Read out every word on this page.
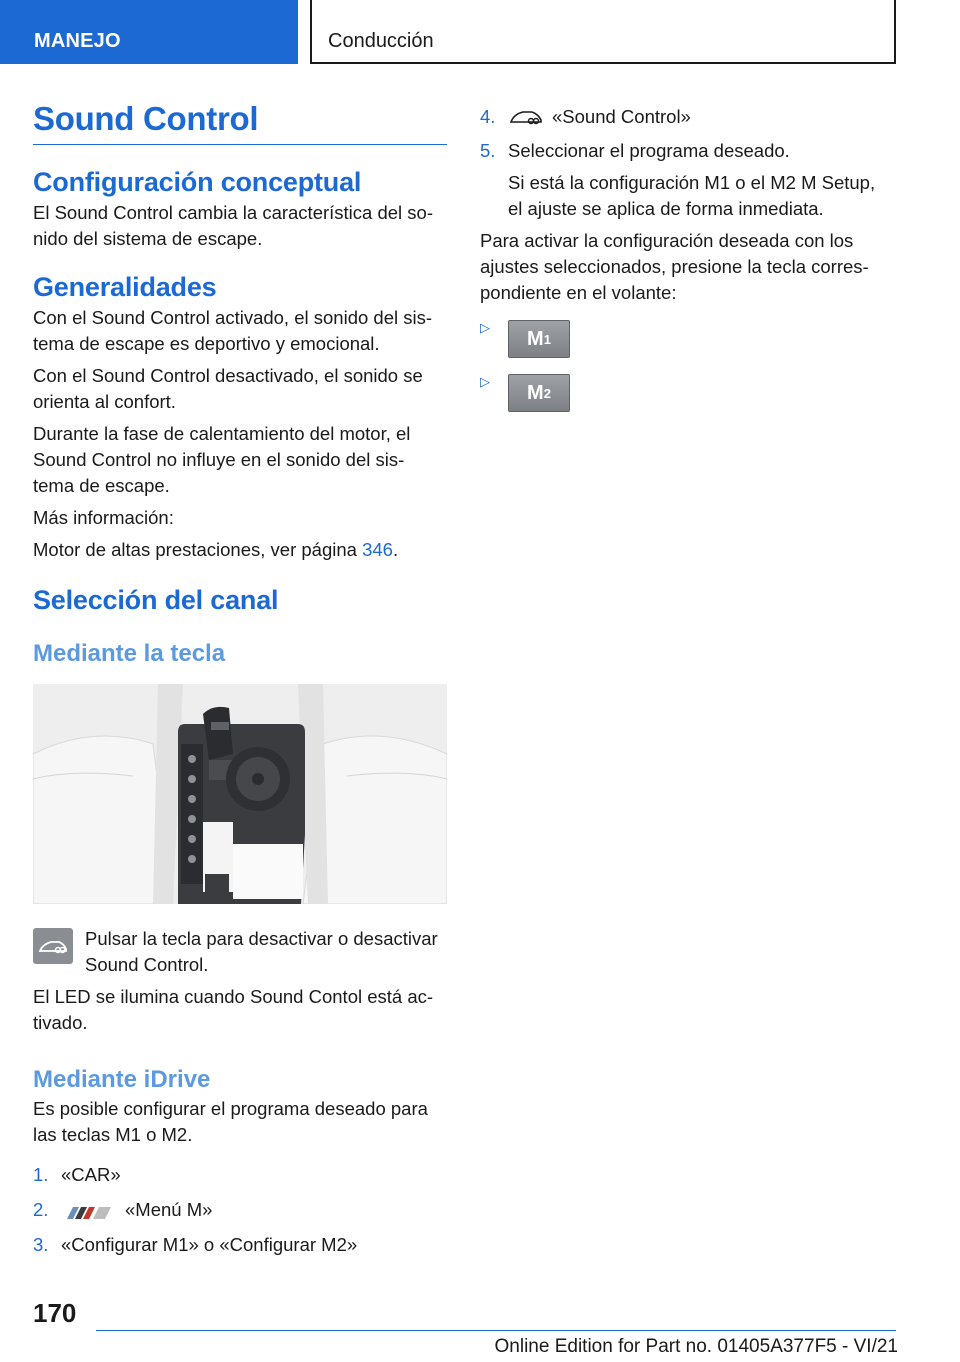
MANEJO	Conducción
Sound Control
Configuración conceptual

El Sound Control cambia la característica del so-
nido del sistema de escape.

Generalidades

Con el Sound Control activado, el sonido del sis-
tema de escape es deportivo y emocional.

Con el Sound Control desactivado, el sonido se
orienta al confort.

Durante la fase de calentamiento del motor, el
Sound Control no influye en el sonido del sis-
tema de escape.

Más información:

Motor de altas prestaciones, ver página 346.

Selección del canal
Mediante la tecla

Pulsar la tecla para desactivar o desactivar
Sound Control.

El LED se ilumina cuando Sound Contol está ac-
tivado.

Mediante iDrive

Es posible configurar el programa deseado para
las teclas M1 o M2.

1. «CAR»
2.	«Menú M»
3. «Configurar M1» o «Configurar M2»
4.	«Sound Control»
5. Seleccionar el programa deseado.

Si está la configuración M1 o el M2 M Setup,
el ajuste se aplica de forma inmediata.

Para activar la configuración deseada con los
ajustes seleccionados, presione la tecla corres-
pondiente en el volante:

▷	M 1
▷	M 2
170
Online Edition for Part no. 01405A377F5 - VI/21
